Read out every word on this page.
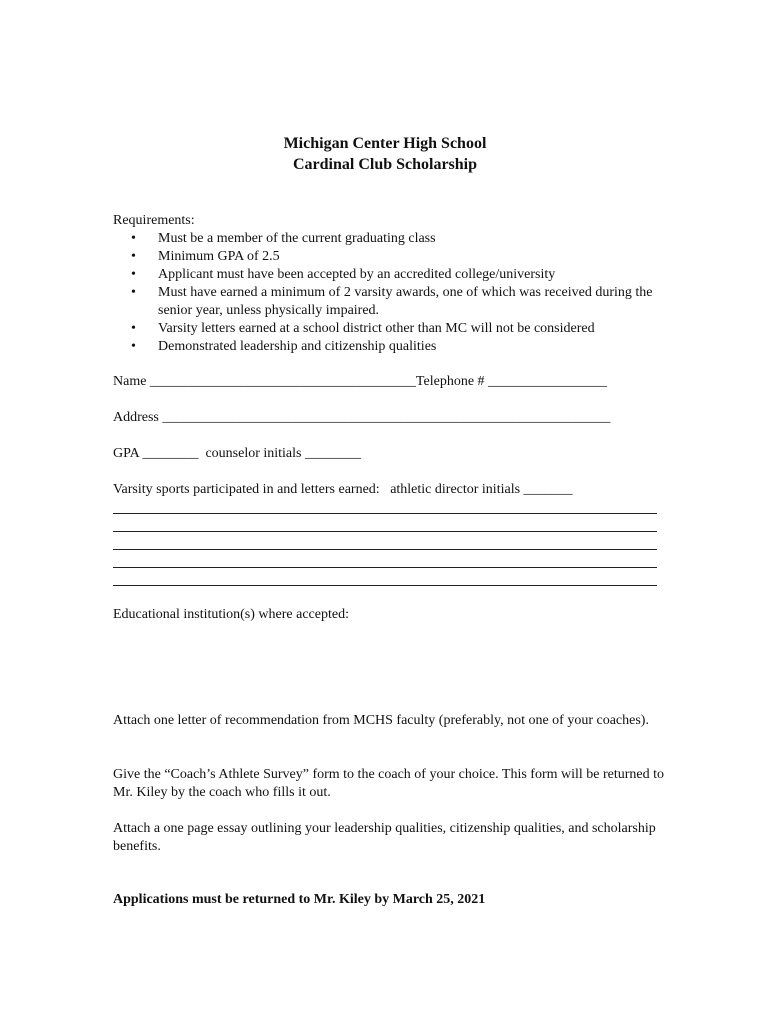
Michigan Center High School
Cardinal Club Scholarship
Requirements:
• Must be a member of the current graduating class
• Minimum GPA of 2.5
• Applicant must have been accepted by an accredited college/university
• Must have earned a minimum of 2 varsity awards, one of which was received during the senior year, unless physically impaired.
• Varsity letters earned at a school district other than MC will not be considered
• Demonstrated leadership and citizenship qualities
Name ______________________________________Telephone # _________________
Address ________________________________________________________________
GPA ________  counselor initials ________
Varsity sports participated in and letters earned:   athletic director initials _______
Educational institution(s) where accepted:
Attach one letter of recommendation from MCHS faculty (preferably, not one of your coaches).
Give the “Coach’s Athlete Survey” form to the coach of your choice. This form will be returned to Mr. Kiley by the coach who fills it out.
Attach a one page essay outlining your leadership qualities, citizenship qualities, and scholarship benefits.
Applications must be returned to Mr. Kiley by March 25, 2021
